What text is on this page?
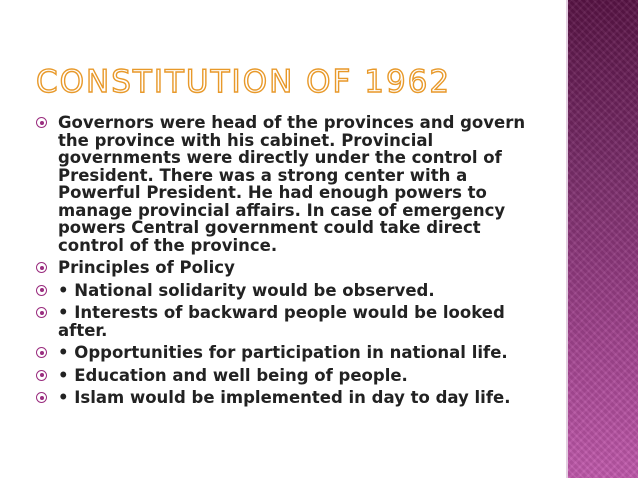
CONSTITUTION OF 1962
Governors were head of the provinces and govern the province with his cabinet. Provincial governments were directly under the control of President. There was a strong center with a Powerful President. He had enough powers to manage provincial affairs. In case of emergency powers Central government could take direct control of the province.
Principles of Policy
• National solidarity would be observed.
• Interests of backward people would be looked after.
• Opportunities for participation in national life.
• Education and well being of people.
• Islam would be implemented in day to day life.
